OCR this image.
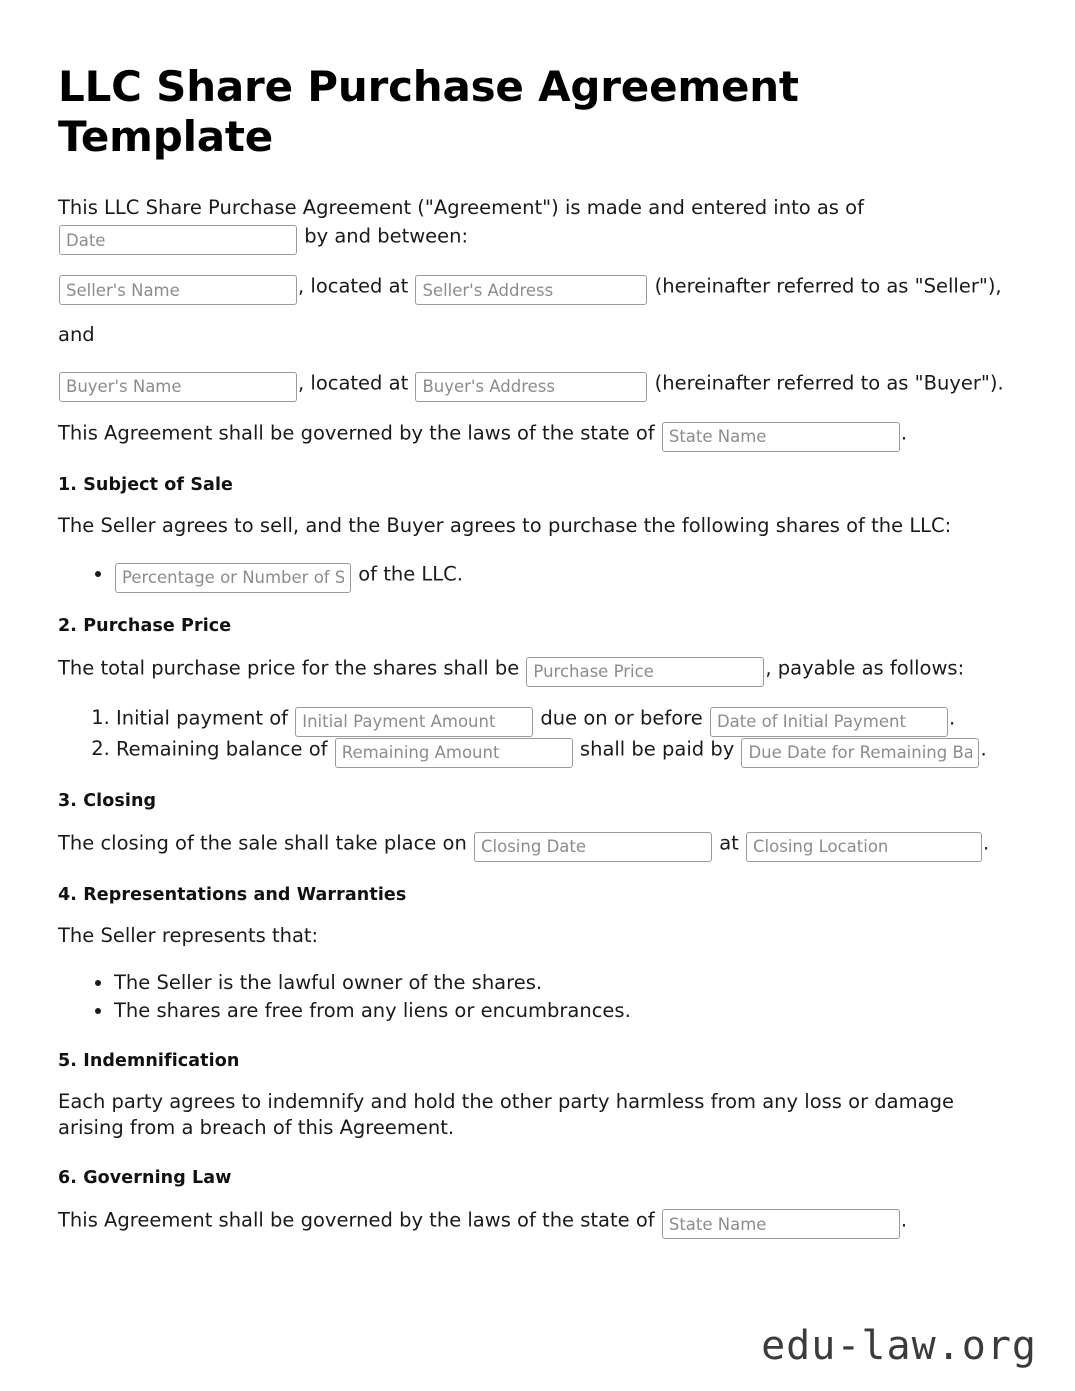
LLC Share Purchase Agreement Template

This LLC Share Purchase Agreement ("Agreement") is made and entered into as of Date by and between:

Seller's Name, located at Seller's Address	(hereinafter referred to as "Seller"),

and

Buyer's Name, located at Buyer's Address	(hereinafter referred to as "Buyer").

This Agreement shall be governed by the laws of the state of State Name	.

1. Subject of Sale

The Seller agrees to sell, and the Buyer agrees to purchase the following shares of the LLC:

Percentage or Number of Shares • of the LLC.
2. Purchase Price

The total purchase price for the shares shall be Purchase Price	, payable as follows:

1. Initial payment of Initial Payment Amount	due on or before Date of Initial Payment	.
2. Remaining balance of Remaining Amount	shall be paid by Due Date for Remaining Balance	.
3. Closing

The closing of the sale shall take place on Closing Date	at Closing Location	.

4. Representations and Warranties

The Seller represents that:

• The Seller is the lawful owner of the shares.
• The shares are free from any liens or encumbrances.
5. Indemnification

Each party agrees to indemnify and hold the other party harmless from any loss or damage arising from a breach of this Agreement.

6. Governing Law

This Agreement shall be governed by the laws of the state of State Name	.

edu-law.org
